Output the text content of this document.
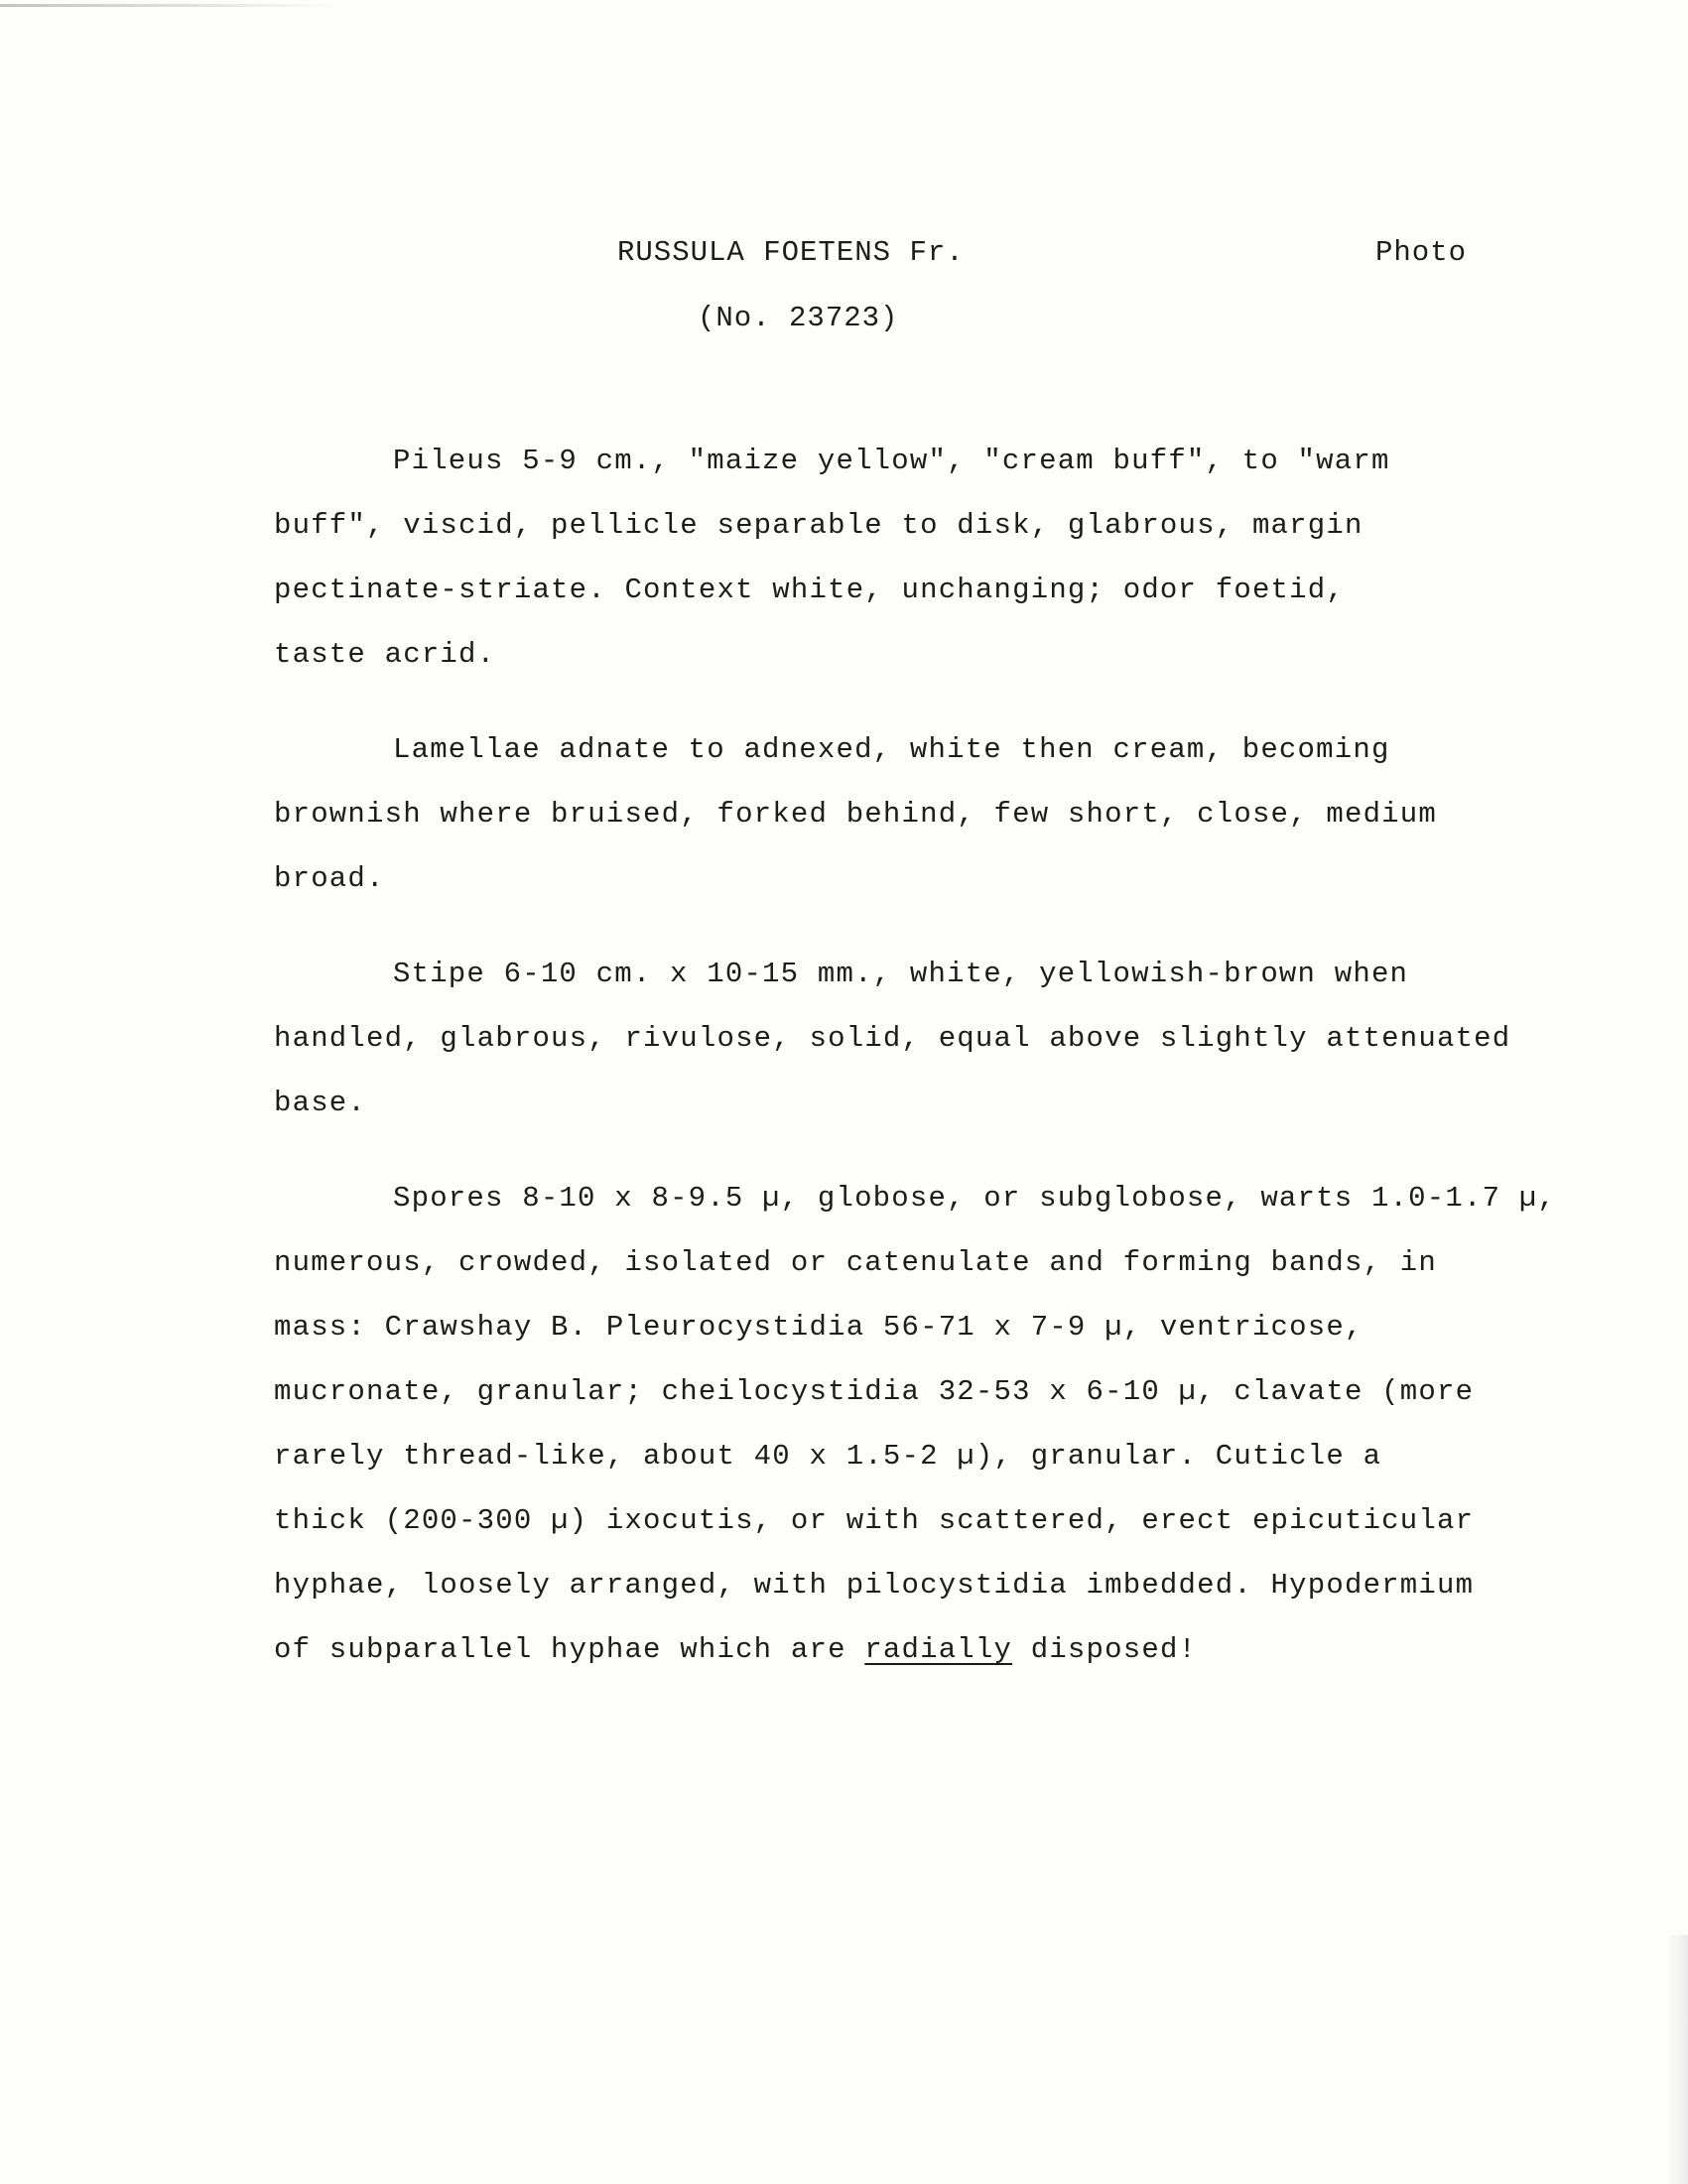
RUSSULA FOETENS Fr.	Photo
(No. 23723)

Pileus 5-9 cm., "maize yellow", "cream buff", to "warm
buff", viscid, pellicle separable to disk, glabrous, margin
pectinate-striate. Context white, unchanging; odor foetid,
taste acrid.

Lamellae adnate to adnexed, white then cream, becoming
brownish where bruised, forked behind, few short, close, medium
broad.

Stipe 6-10 cm. x 10-15 mm., white, yellowish-brown when
handled, glabrous, rivulose, solid, equal above slightly attenuated
base.

Spores 8-10 x 8-9.5 µ, globose, or subglobose, warts 1.0-1.7 µ,
numerous, crowded, isolated or catenulate and forming bands, in
mass: Crawshay B. Pleurocystidia 56-71 x 7-9 µ, ventricose,
mucronate, granular; cheilocystidia 32-53 x 6-10 µ, clavate (more
rarely thread-like, about 40 x 1.5-2 µ), granular. Cuticle a
thick (200-300 µ) ixocutis, or with scattered, erect epicuticular
hyphae, loosely arranged, with pilocystidia imbedded. Hypodermium
of subparallel hyphae which are radially disposed!
